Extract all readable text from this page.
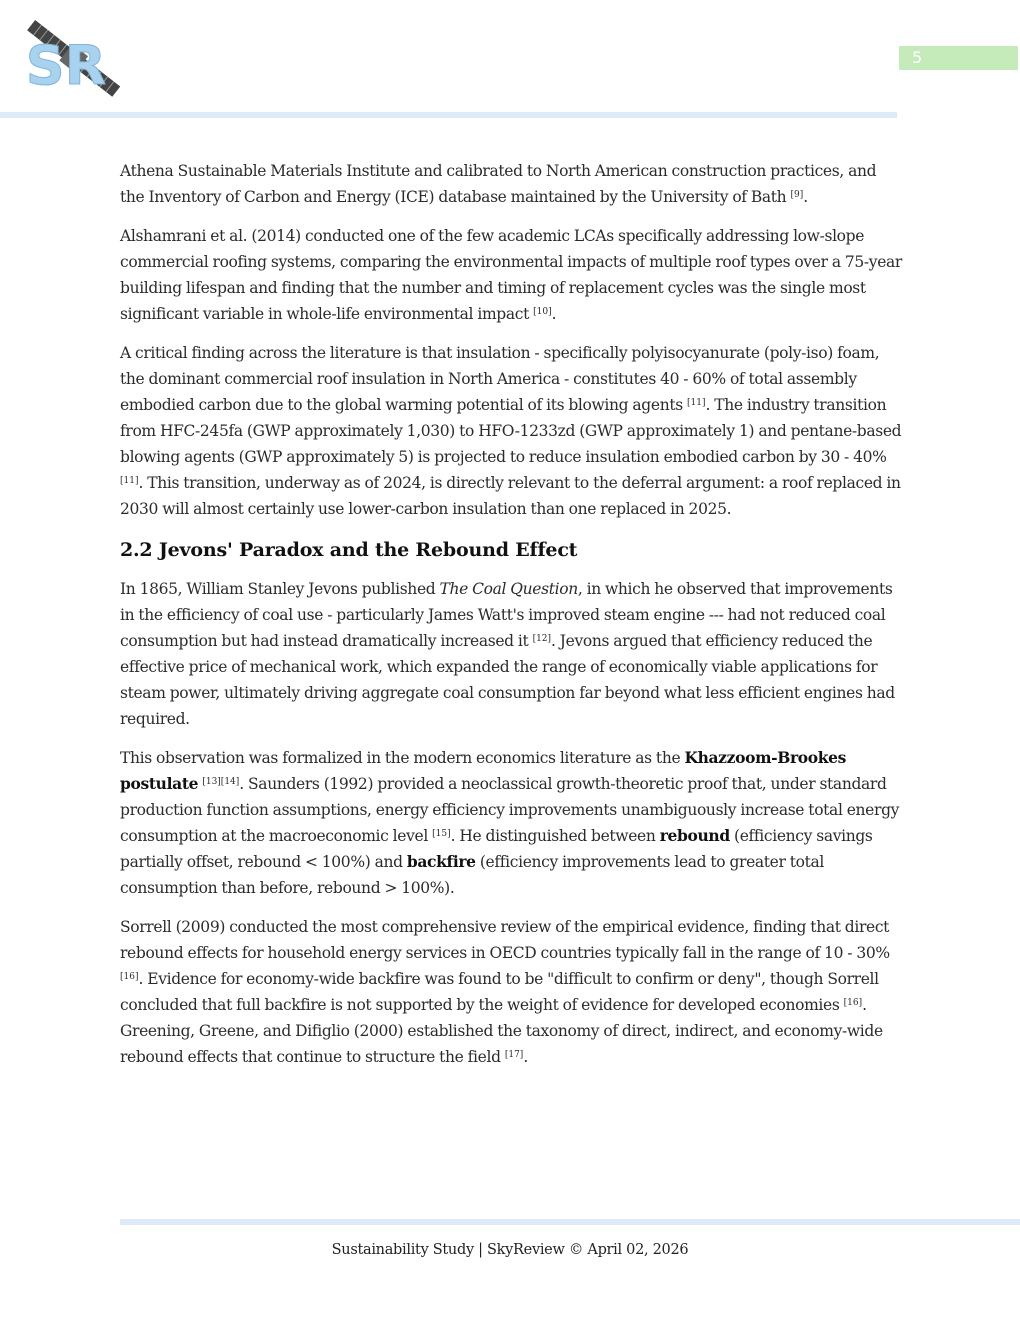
SR	5

Athena Sustainable Materials Institute and calibrated to North American construction practices, and the Inventory of Carbon and Energy (ICE) database maintained by the University of Bath [9].

Alshamrani et al. (2014) conducted one of the few academic LCAs specifically addressing low-slope commercial roofing systems, comparing the environmental impacts of multiple roof types over a 75-year building lifespan and finding that the number and timing of replacement cycles was the single most significant variable in whole-life environmental impact [10].

A critical finding across the literature is that insulation - specifically polyisocyanurate (poly-iso) foam, the dominant commercial roof insulation in North America - constitutes 40 - 60% of total assembly embodied carbon due to the global warming potential of its blowing agents [11]. The industry transition from HFC-245fa (GWP approximately 1,030) to HFO-1233zd (GWP approximately 1) and pentane-based blowing agents (GWP approximately 5) is projected to reduce insulation embodied carbon by 30 - 40% [11]. This transition, underway as of 2024, is directly relevant to the deferral argument: a roof replaced in 2030 will almost certainly use lower-carbon insulation than one replaced in 2025.

2.2 Jevons' Paradox and the Rebound Effect

In 1865, William Stanley Jevons published The Coal Question, in which he observed that improvements in the efficiency of coal use - particularly James Watt's improved steam engine --- had not reduced coal consumption but had instead dramatically increased it [12]. Jevons argued that efficiency reduced the effective price of mechanical work, which expanded the range of economically viable applications for steam power, ultimately driving aggregate coal consumption far beyond what less efficient engines had required.

This observation was formalized in the modern economics literature as the Khazzoom-Brookes postulate [13][14]. Saunders (1992) provided a neoclassical growth-theoretic proof that, under standard production function assumptions, energy efficiency improvements unambiguously increase total energy consumption at the macroeconomic level [15]. He distinguished between rebound (efficiency savings partially offset, rebound < 100%) and backfire (efficiency improvements lead to greater total consumption than before, rebound > 100%).

Sorrell (2009) conducted the most comprehensive review of the empirical evidence, finding that direct rebound effects for household energy services in OECD countries typically fall in the range of 10 - 30% [16]. Evidence for economy-wide backfire was found to be "difficult to confirm or deny", though Sorrell concluded that full backfire is not supported by the weight of evidence for developed economies [16]. Greening, Greene, and Difiglio (2000) established the taxonomy of direct, indirect, and economy-wide rebound effects that continue to structure the field [17].

Sustainability Study | SkyReview © April 02, 2026
